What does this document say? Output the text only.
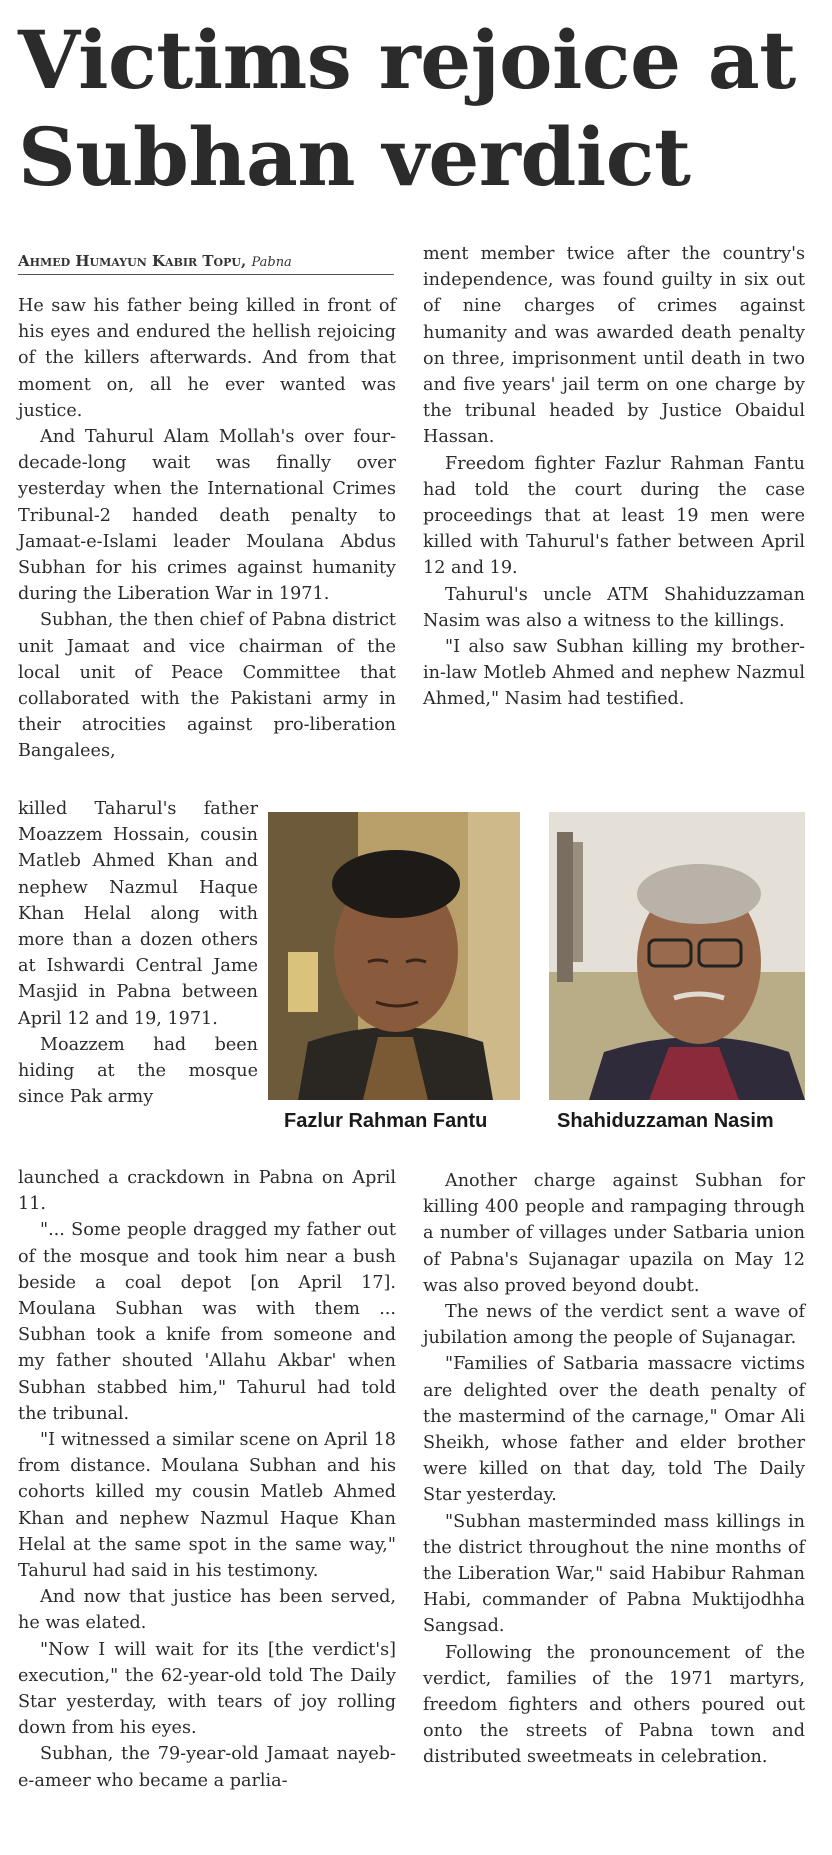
Victims rejoice at Subhan verdict
Ahmed Humayun Kabir Topu, Pabna

He saw his father being killed in front of his eyes and endured the hellish rejoicing of the killers afterwards. And from that moment on, all he ever wanted was justice.

And Tahurul Alam Mollah's over four-decade-long wait was finally over yesterday when the International Crimes Tribunal-2 handed death penalty to Jamaat-e-Islami leader Moulana Abdus Subhan for his crimes against humanity during the Liberation War in 1971.

Subhan, the then chief of Pabna district unit Jamaat and vice chairman of the local unit of Peace Committee that collaborated with the Pakistani army in their atrocities against pro-liberation Bangalees,

killed Taharul's father Moazzem Hossain, cousin Matleb Ahmed Khan and nephew Nazmul Haque Khan Helal along with more than a dozen others at Ishwardi Central Jame Masjid in Pabna between April 12 and 19, 1971.

Moazzem had been hiding at the mosque since Pak army

launched a crackdown in Pabna on April 11.

"... Some people dragged my father out of the mosque and took him near a bush beside a coal depot [on April 17]. Moulana Subhan was with them ... Subhan took a knife from someone and my father shouted 'Allahu Akbar' when Subhan stabbed him," Tahurul had told the tribunal.

"I witnessed a similar scene on April 18 from distance. Moulana Subhan and his cohorts killed my cousin Matleb Ahmed Khan and nephew Nazmul Haque Khan Helal at the same spot in the same way," Tahurul had said in his testimony.

And now that justice has been served, he was elated.

"Now I will wait for its [the verdict's] execution," the 62-year-old told The Daily Star yesterday, with tears of joy rolling down from his eyes.

Subhan, the 79-year-old Jamaat nayeb-e-ameer who became a parlia-

ment member twice after the country's independence, was found guilty in six out of nine charges of crimes against humanity and was awarded death penalty on three, imprisonment until death in two and five years' jail term on one charge by the tribunal headed by Justice Obaidul Hassan.

Freedom fighter Fazlur Rahman Fantu had told the court during the case proceedings that at least 19 men were killed with Tahurul's father between April 12 and 19.

Tahurul's uncle ATM Shahiduzzaman Nasim was also a witness to the killings.

"I also saw Subhan killing my brother-in-law Motleb Ahmed and nephew Nazmul Ahmed," Nasim had testified.

Fazlur Rahman Fantu	Shahiduzzaman Nasim

Another charge against Subhan for killing 400 people and rampaging through a number of villages under Satbaria union of Pabna's Sujanagar upazila on May 12 was also proved beyond doubt.

The news of the verdict sent a wave of jubilation among the people of Sujanagar.

"Families of Satbaria massacre victims are delighted over the death penalty of the mastermind of the carnage," Omar Ali Sheikh, whose father and elder brother were killed on that day, told The Daily Star yesterday.

"Subhan masterminded mass killings in the district throughout the nine months of the Liberation War," said Habibur Rahman Habi, commander of Pabna Muktijodhha Sangsad.

Following the pronouncement of the verdict, families of the 1971 martyrs, freedom fighters and others poured out onto the streets of Pabna town and distributed sweetmeats in celebration.
